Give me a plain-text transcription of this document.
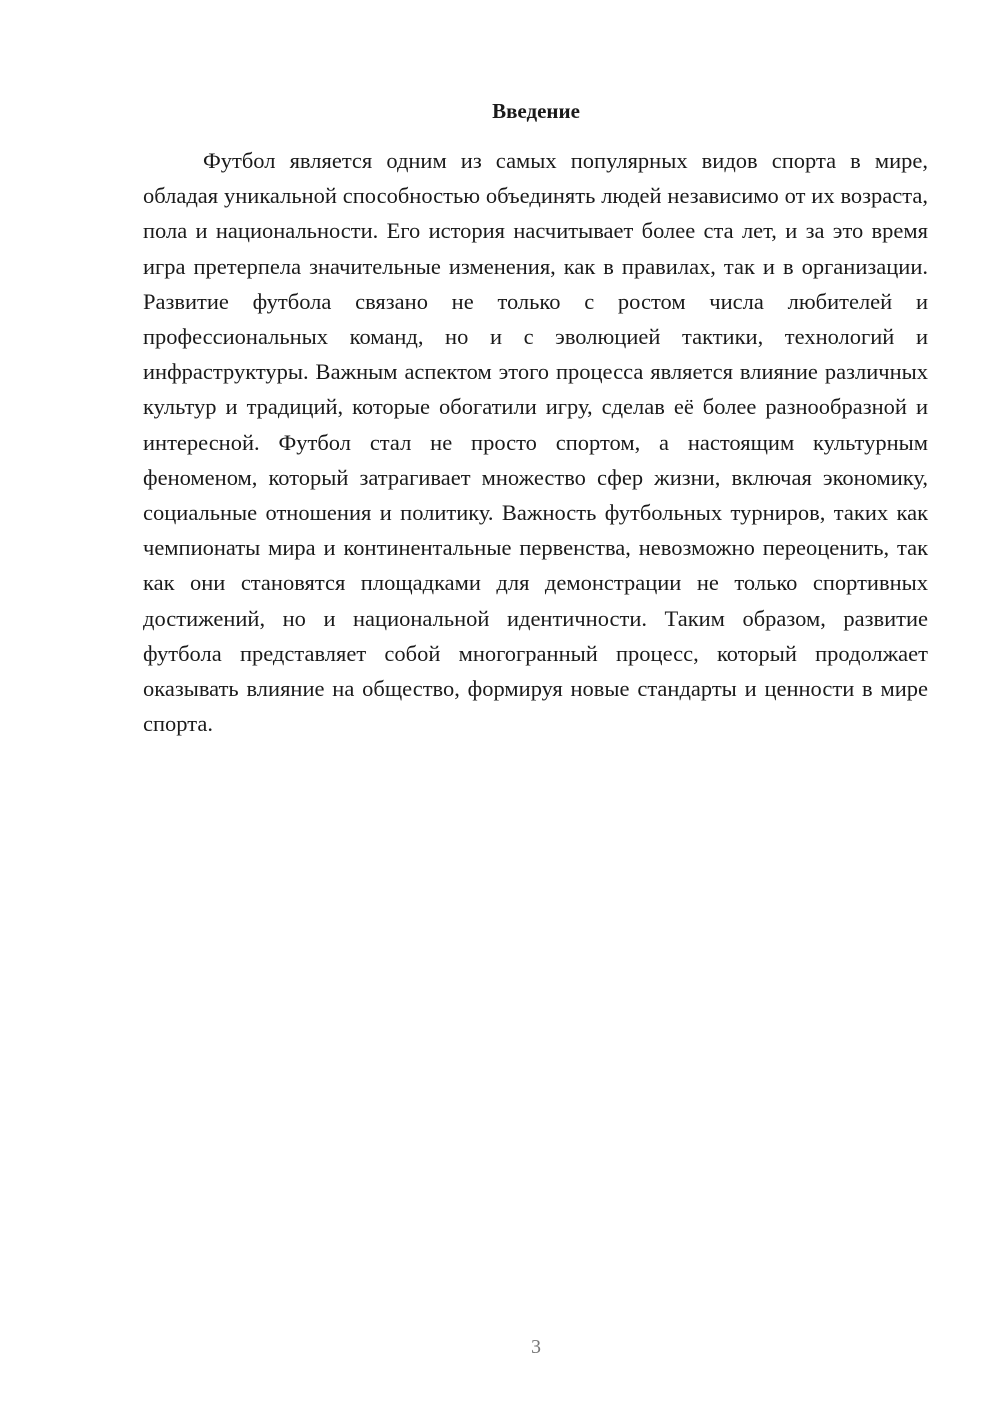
Введение

Футбол является одним из самых популярных видов спорта в мире, обладая уникальной способностью объединять людей независимо от их возраста, пола и национальности. Его история насчитывает более ста лет, и за это время игра претерпела значительные изменения, как в правилах, так и в организации. Развитие футбола связано не только с ростом числа любителей и профессиональных команд, но и с эволюцией тактики, технологий и инфраструктуры. Важным аспектом этого процесса является влияние различных культур и традиций, которые обогатили игру, сделав её более разнообразной и интересной. Футбол стал не просто спортом, а настоящим культурным феноменом, который затрагивает множество сфер жизни, включая экономику, социальные отношения и политику. Важность футбольных турниров, таких как чемпионаты мира и континентальные первенства, невозможно переоценить, так как они становятся площадками для демонстрации не только спортивных достижений, но и национальной идентичности. Таким образом, развитие футбола представляет собой многогранный процесс, который продолжает оказывать влияние на общество, формируя новые стандарты и ценности в мире спорта.

3
